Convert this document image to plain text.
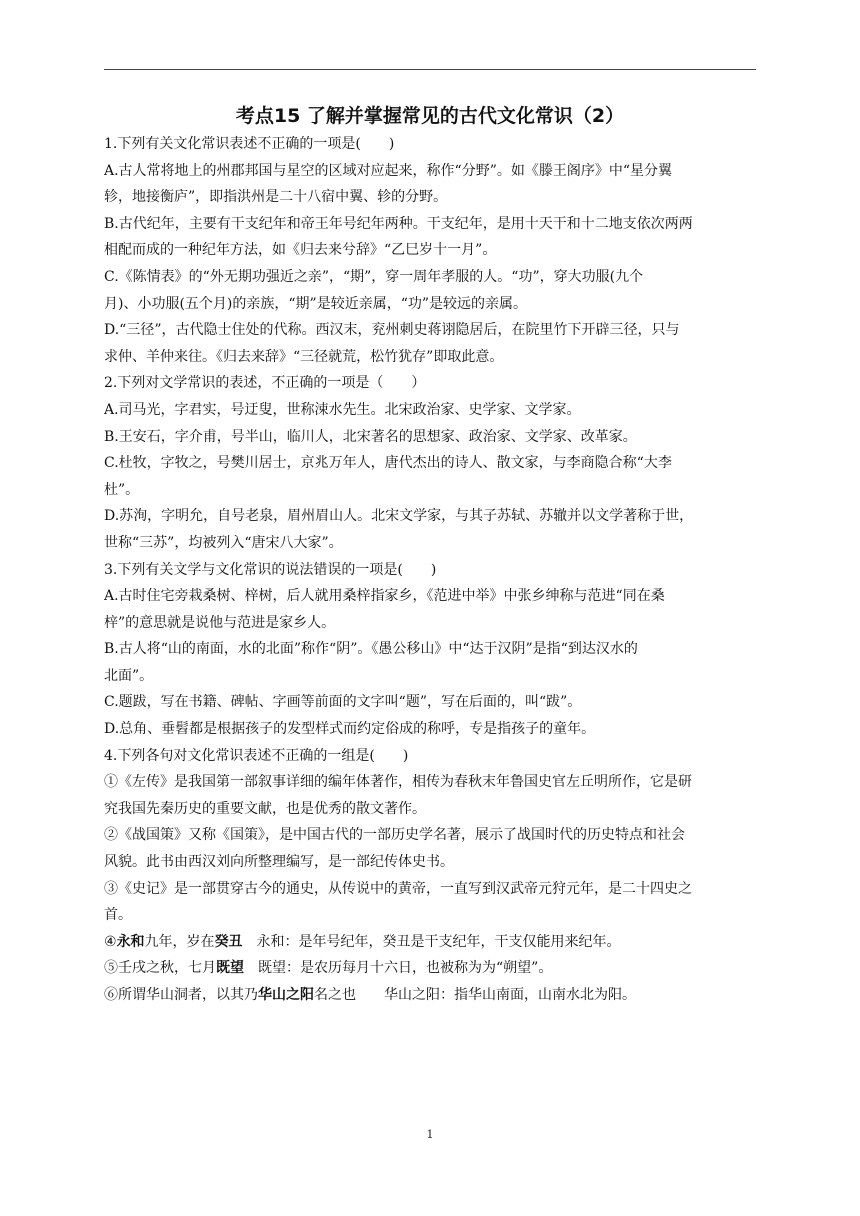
考点15 了解并掌握常见的古代文化常识（2）
1.下列有关文化常识表述不正确的一项是(　　)
A.古人常将地上的州郡邦国与星空的区域对应起来，称作“分野”。如《滕王阁序》中“星分翼
轸，地接衡庐”，即指洪州是二十八宿中翼、轸的分野。
B.古代纪年，主要有干支纪年和帝王年号纪年两种。干支纪年，是用十天干和十二地支依次两两
相配而成的一种纪年方法，如《归去来兮辞》“乙巳岁十一月”。
C.《陈情表》的“外无期功强近之亲”，“期”，穿一周年孝服的人。“功”，穿大功服(九个
月)、小功服(五个月)的亲族，“期”是较近亲属，“功”是较远的亲属。
D.“三径”，古代隐士住处的代称。西汉末，兖州刺史蒋诩隐居后，在院里竹下开辟三径，只与
求仲、羊仲来往。《归去来辞》“三径就荒，松竹犹存”即取此意。
2.下列对文学常识的表述，不正确的一项是（　　）
A.司马光，字君实，号迂叟，世称涑水先生。北宋政治家、史学家、文学家。
B.王安石，字介甫，号半山，临川人，北宋著名的思想家、政治家、文学家、改革家。
C.杜牧，字牧之，号樊川居士，京兆万年人，唐代杰出的诗人、散文家，与李商隐合称“大李
杜”。
D.苏洵，字明允，自号老泉，眉州眉山人。北宋文学家，与其子苏轼、苏辙并以文学著称于世，
世称“三苏”，均被列入“唐宋八大家”。
3.下列有关文学与文化常识的说法错误的一项是(　　)
A.古时住宅旁栽桑树、梓树，后人就用桑梓指家乡，《范进中举》中张乡绅称与范进“同在桑
梓”的意思就是说他与范进是家乡人。
B.古人将“山的南面，水的北面”称作“阴”。《愚公移山》中“达于汉阴”是指“到达汉水的
北面”。
C.题跋，写在书籍、碑帖、字画等前面的文字叫“题”，写在后面的，叫“跋”。
D.总角、垂髫都是根据孩子的发型样式而约定俗成的称呼，专是指孩子的童年。
4.下列各句对文化常识表述不正确的一组是(　　)
①《左传》是我国第一部叙事详细的编年体著作，相传为春秋末年鲁国史官左丘明所作，它是研
究我国先秦历史的重要文献，也是优秀的散文著作。
②《战国策》又称《国策》，是中国古代的一部历史学名著，展示了战国时代的历史特点和社会
风貌。此书由西汉刘向所整理编写，是一部纪传体史书。
③《史记》是一部贯穿古今的通史，从传说中的黄帝，一直写到汉武帝元狩元年，是二十四史之
首。
④永和九年，岁在癸丑　永和：是年号纪年，癸丑是干支纪年，干支仅能用来纪年。
⑤壬戌之秋，七月既望　既望：是农历每月十六日，也被称为为“朔望”。
⑥所谓华山洞者，以其乃华山之阳名之也　　华山之阳：指华山南面，山南水北为阳。
1
